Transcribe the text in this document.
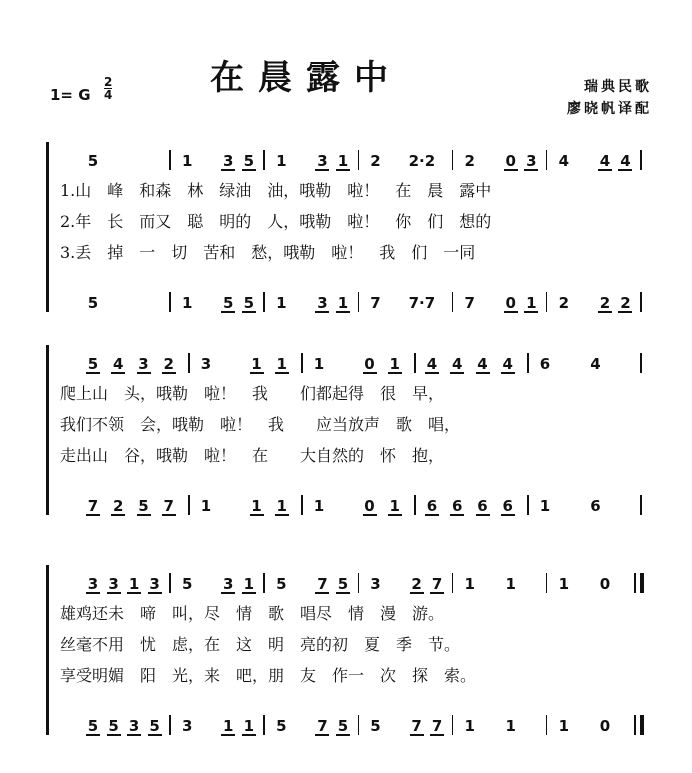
在晨露中
1= G
2
4	瑞典民歌
廖晓帆译配
5	1 3 5 1 3 1 2 2·2 2 0 3 4 4 4
1.山　峰　和森　林　绿油　油，哦勒　啦！　在　晨　露中
2.年　长　而又　聪　明的　人，哦勒　啦！　你　们　想的
3.丢　掉　一　切　苦和　愁，哦勒　啦！　我　们　一同
5	1 5 5 1 3 1 7 7·7 7 0 1 2 2 2
5 4 3 2 3	1 1 1	0 1 4 4 4 4 6	4
爬上山　头，哦勒　啦！　我　　们都起得　很　早，
我们不领　会，哦勒　啦！　我　　应当放声　歌　唱，
走出山　谷，哦勒　啦！　在　　大自然的　怀　抱，
7 2 5 7 1	1 1 1	0 1 6 6 6 6 1	6
3 3 1 3 5 3 1 5 7 5 3 2 7 1 1	1 0
雄鸡还未　啼　叫，尽　情　歌　唱尽　情　漫　游。
丝毫不用　忧　虑，在　这　明　亮的初　夏　季　节。
享受明媚　阳　光，来　吧，朋　友　作一　次　探　索。
5 5 3 5 3 1 1 5 7 5 5 7 7 1 1	1 0
